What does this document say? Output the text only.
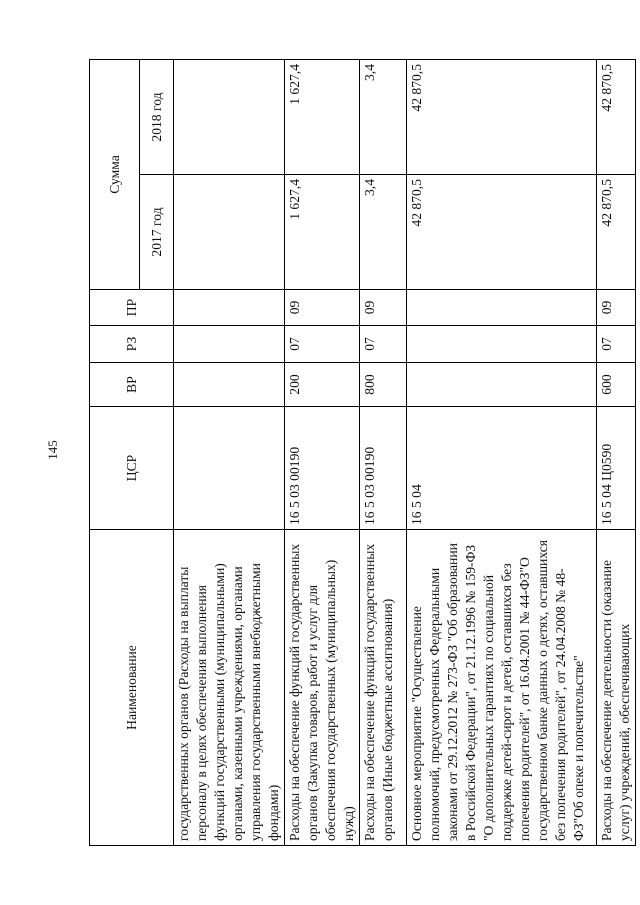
145
Наименование	ЦСР	ВР	РЗ	ПР	Сумма	
					2017 год	2018 год
государственных органов (Расходы на выплаты персоналу в целях обеспечения выполнения функций государственными (муниципальными) органами, казенными учреждениями, органами управления государственными внебюджетными фондами)						
Расходы на обеспечение функций государственных органов (Закупка товаров, работ и услуг для обеспечения государственных (муниципальных) нужд)	16 5 03 00190	200	07	09	1 627,4	1 627,4
Расходы на обеспечение функций государственных органов (Иные бюджетные ассигнования)	16 5 03 00190	800	07	09	3,4	3,4
Основное мероприятие "Осуществление полномочий, предусмотренных Федеральными законами от 29.12.2012 № 273-ФЗ "Об образовании в Российской Федерации", от 21.12.1996 № 159-ФЗ "О дополнительных гарантиях по социальной поддержке детей-сирот и детей, оставшихся без попечения родителей", от 16.04.2001 № 44-ФЗ"О государственном банке данных о детях, оставшихся без попечения родителей", от 24.04.2008 № 48-ФЗ"Об опеке и попечительстве"	16 5 04				42 870,5	42 870,5
Расходы на обеспечение деятельности (оказание услуг) учреждений, обеспечивающих	16 5 04 Ц0590	600	07	09	42 870,5	42 870,5
